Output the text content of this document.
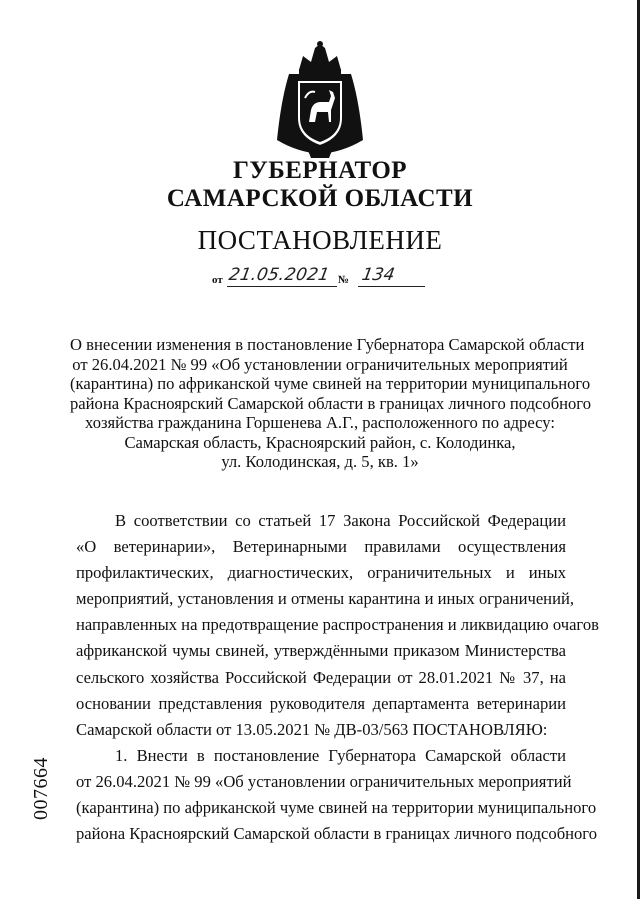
ГУБЕРНАТОР
САМАРСКОЙ ОБЛАСТИ
ПОСТАНОВЛЕНИЕ
от 21.05.2021 № 134
О внесении изменения в постановление Губернатора Самарской области
от 26.04.2021 № 99 «Об установлении ограничительных мероприятий
(карантина) по африканской чуме свиней на территории муниципального
района Красноярский Самарской области в границах личного подсобного
хозяйства гражданина Горшенева А.Г., расположенного по адресу:
Самарская область, Красноярский район, с. Колодинка,
ул. Колодинская, д. 5, кв. 1»
В соответствии со статьей 17 Закона Российской Федерации
«О ветеринарии», Ветеринарными правилами осуществления
профилактических, диагностических, ограничительных и иных
мероприятий, установления и отмены карантина и иных ограничений,
направленных на предотвращение распространения и ликвидацию очагов
африканской чумы свиней, утверждёнными приказом Министерства
сельского хозяйства Российской Федерации от 28.01.2021 № 37, на
основании представления руководителя департамента ветеринарии
Самарской области от 13.05.2021 № ДВ-03/563 ПОСТАНОВЛЯЮ:
1. Внести в постановление Губернатора Самарской области
от 26.04.2021 № 99 «Об установлении ограничительных мероприятий
(карантина) по африканской чуме свиней на территории муниципального
района Красноярский Самарской области в границах личного подсобного
007664
